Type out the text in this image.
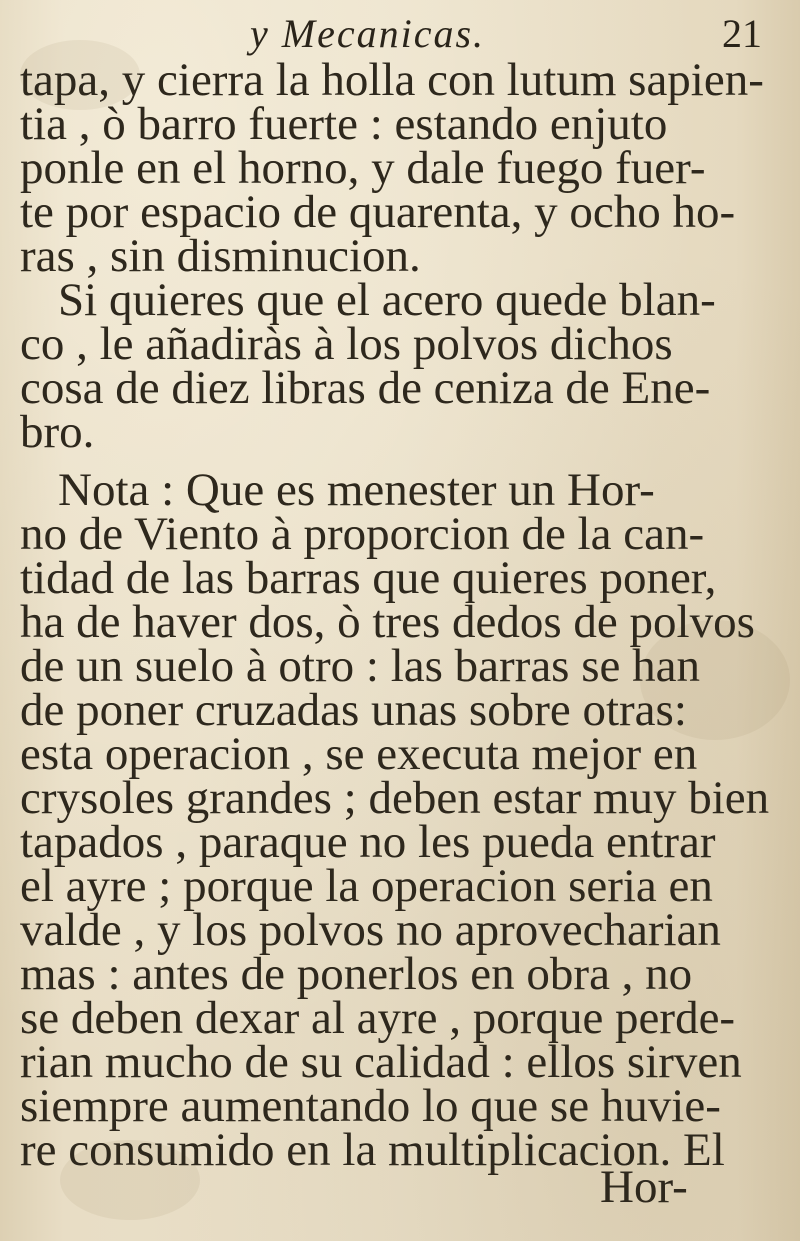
y Mecanicas.	21
tapa, y cierra la holla con lutum sapien-
tia , ò barro fuerte : estando enjuto
ponle en el horno, y dale fuego fuer-
te por espacio de quarenta, y ocho ho-
ras , sin disminucion.
Si quieres que el acero quede blan-
co , le añadiràs à los polvos dichos
cosa de diez libras de ceniza de Ene-
bro.
Nota : Que es menester un Hor-
no de Viento à proporcion de la can-
tidad de las barras que quieres poner,
ha de haver dos, ò tres dedos de polvos
de un suelo à otro : las barras se han
de poner cruzadas unas sobre otras:
esta operacion , se executa mejor en
crysoles grandes ; deben estar muy bien
tapados , paraque no les pueda entrar
el ayre ; porque la operacion seria en
valde , y los polvos no aprovecharian
mas : antes de ponerlos en obra , no
se deben dexar al ayre , porque perde-
rian mucho de su calidad : ellos sirven
siempre aumentando lo que se huvie-
re consumido en la multiplicacion. El
Hor-
